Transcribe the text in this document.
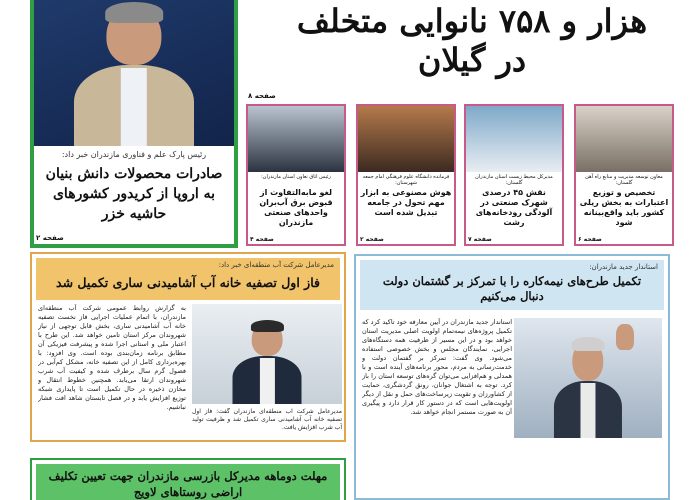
هزار و ۷۵۸ نانوایی متخلف
در گیلان
صفحه ۸
رئیس پارک علم و فناوری مازندران خبر داد:
صادرات محصولات دانش بنیان به اروپا از کریدور کشورهای حاشیه خزر
صفحه ۲
معاون توسعه مدیریت و منابع راه آهن گلستان:
تخصیص و توزیع اعتبارات به بخش ریلی کشور باید واقع‌بینانه شود
صفحه ۶
مدیرکل محیط زیست استان مازندران گلستان:
نقش ۴۵ درصدی شهرک صنعتی در آلودگی رودخانه‌های رشت
صفحه ۷
فرمانده دانشگاه علوم فرهنگی امام جمعه شهرستان:
هوش مصنوعی به ابزار مهم تحول در جامعه تبدیل شده است
صفحه ۲
رئیس اتاق تعاون استان مازندران:
لغو مابه‌التفاوت از قبوض برق آب‌بران واحدهای صنعتی مازندران
صفحه ۴
مدیرعامل شرکت آب منطقه‌ای خبر داد:
فاز اول تصفیه خانه آب آشامیدنی ساری تکمیل شد
مدیرعامل شرکت آب منطقه‌ای مازندران گفت: فاز اول تصفیه خانه آب آشامیدنی ساری تکمیل شد و ظرفیت تولید آب شرب افزایش یافت.
به گزارش روابط عمومی شرکت آب منطقه‌ای مازندران، با اتمام عملیات اجرایی فاز نخست تصفیه خانه آب آشامیدنی ساری، بخش قابل توجهی از نیاز شهروندان مرکز استان تامین خواهد شد. این طرح با اعتبار ملی و استانی اجرا شده و پیشرفت فیزیکی آن مطابق برنامه زمان‌بندی بوده است. وی افزود: با بهره‌برداری کامل از این تصفیه خانه، مشکل کم‌آبی در فصول گرم سال برطرف شده و کیفیت آب شرب شهروندان ارتقا می‌یابد. همچنین خطوط انتقال و مخازن ذخیره در حال تکمیل است تا پایداری شبکه توزیع افزایش یابد و در فصل تابستان شاهد افت فشار نباشیم.
استاندار جدید مازندران:
تکمیل طرح‌های نیمه‌کاره را با تمرکز بر گشتمان دولت دنبال می‌کنیم
استاندار جدید مازندران در آیین معارفه خود تاکید کرد که تکمیل پروژه‌های نیمه‌تمام اولویت اصلی مدیریت استان خواهد بود و در این مسیر از ظرفیت همه دستگاه‌های اجرایی، نمایندگان مجلس و بخش خصوصی استفاده می‌شود. وی گفت: تمرکز بر گفتمان دولت و خدمت‌رسانی به مردم، محور برنامه‌های آینده است و با همدلی و هم‌افزایی می‌توان گره‌های توسعه استان را باز کرد. توجه به اشتغال جوانان، رونق گردشگری، حمایت از کشاورزان و تقویت زیرساخت‌های حمل و نقل از دیگر اولویت‌هایی است که در دستور کار قرار دارد و پیگیری آن به صورت مستمر انجام خواهد شد.
مهلت دوماهه مدیرکل بازرسی مازندران جهت تعیین تکلیف اراضی روستاهای لاویج
